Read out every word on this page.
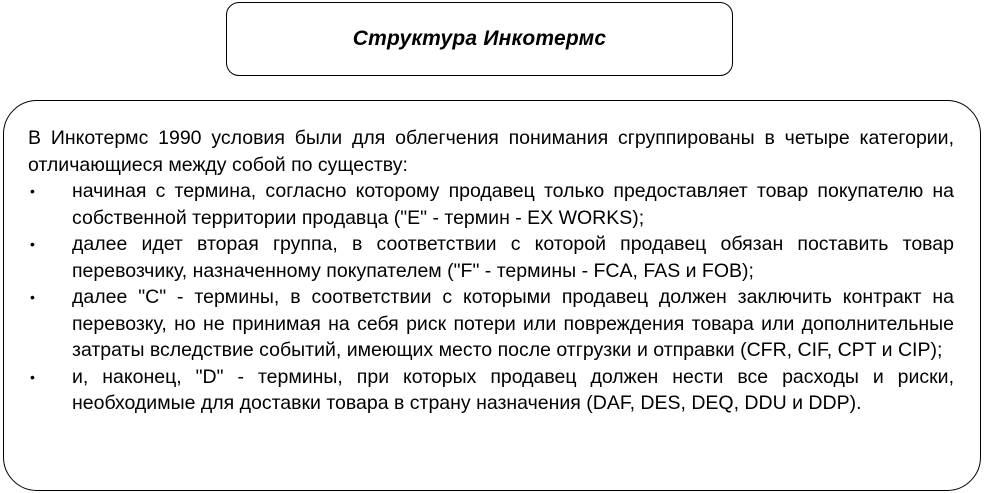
Структура Инкотермс

В Инкотермс 1990 условия были для облегчения понимания сгруппированы в четыре категории, отличающиеся между собой по существу:

•	начиная с термина, согласно которому продавец только предоставляет товар покупателю на собственной территории продавца ("E" - термин - EX WORKS);
•	далее идет вторая группа, в соответствии с которой продавец обязан поставить товар перевозчику, назначенному покупателем ("F" - термины - FCA, FAS и FOB);
•	далее "C" - термины, в соответствии с которыми продавец должен заключить контракт на перевозку, но не принимая на себя риск потери или повреждения товара или дополнительные затраты вследствие событий, имеющих место после отгрузки и отправки (CFR, CIF, CPT и CIP);
•	и, наконец, "D" - термины, при которых продавец должен нести все расходы и риски, необходимые для доставки товара в страну назначения (DAF, DES, DEQ, DDU и DDP).
